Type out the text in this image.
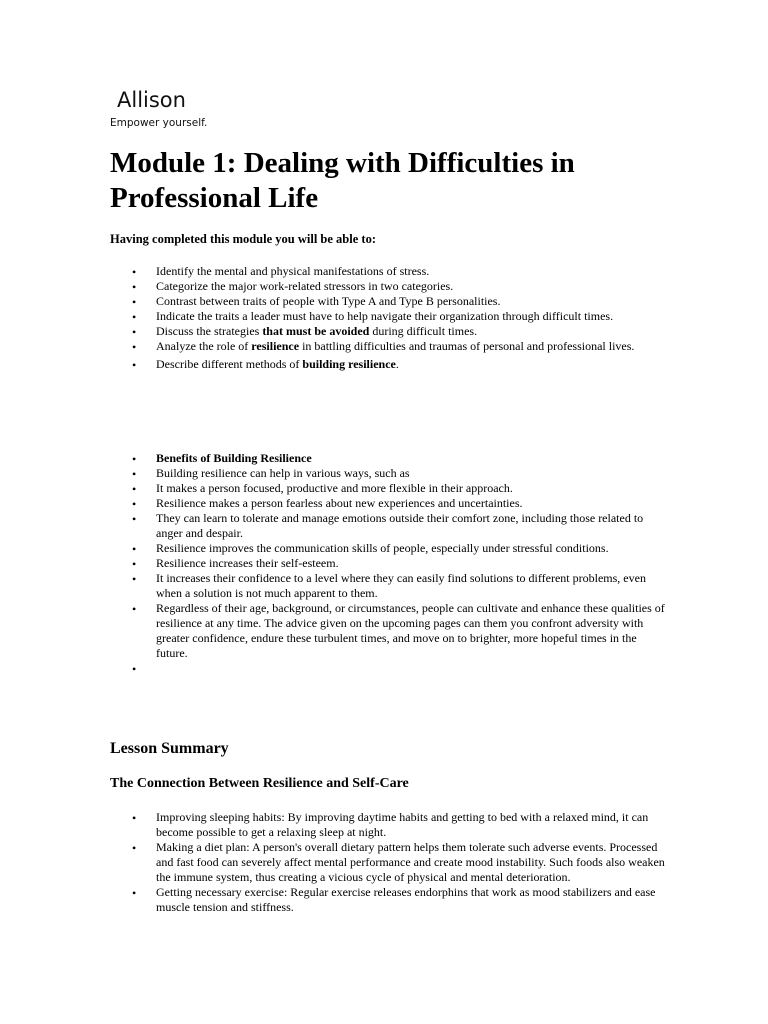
Allison
Empower yourself.
Module 1: Dealing with Difficulties in Professional Life

Having completed this module you will be able to:

• Identify the mental and physical manifestations of stress.
• Categorize the major work-related stressors in two categories.
• Contrast between traits of people with Type A and Type B personalities.
• Indicate the traits a leader must have to help navigate their organization through difficult times.
• Discuss the strategies that must be avoided during difficult times.
• Analyze the role of resilience in battling difficulties and traumas of personal and professional lives.
• Describe different methods of building resilience.
• Benefits of Building Resilience
• Building resilience can help in various ways, such as
• It makes a person focused, productive and more flexible in their approach.
• Resilience makes a person fearless about new experiences and uncertainties.
• They can learn to tolerate and manage emotions outside their comfort zone, including those related to anger and despair.
• Resilience improves the communication skills of people, especially under stressful conditions.
• Resilience increases their self-esteem.
• It increases their confidence to a level where they can easily find solutions to different problems, even when a solution is not much apparent to them.
• Regardless of their age, background, or circumstances, people can cultivate and enhance these qualities of resilience at any time. The advice given on the upcoming pages can them you confront adversity with greater confidence, endure these turbulent times, and move on to brighter, more hopeful times in the future.
•
Lesson Summary
The Connection Between Resilience and Self-Care
• Improving sleeping habits: By improving daytime habits and getting to bed with a relaxed mind, it can become possible to get a relaxing sleep at night.
• Making a diet plan: A person's overall dietary pattern helps them tolerate such adverse events. Processed and fast food can severely affect mental performance and create mood instability. Such foods also weaken the immune system, thus creating a vicious cycle of physical and mental deterioration.
• Getting necessary exercise: Regular exercise releases endorphins that work as mood stabilizers and ease muscle tension and stiffness.
